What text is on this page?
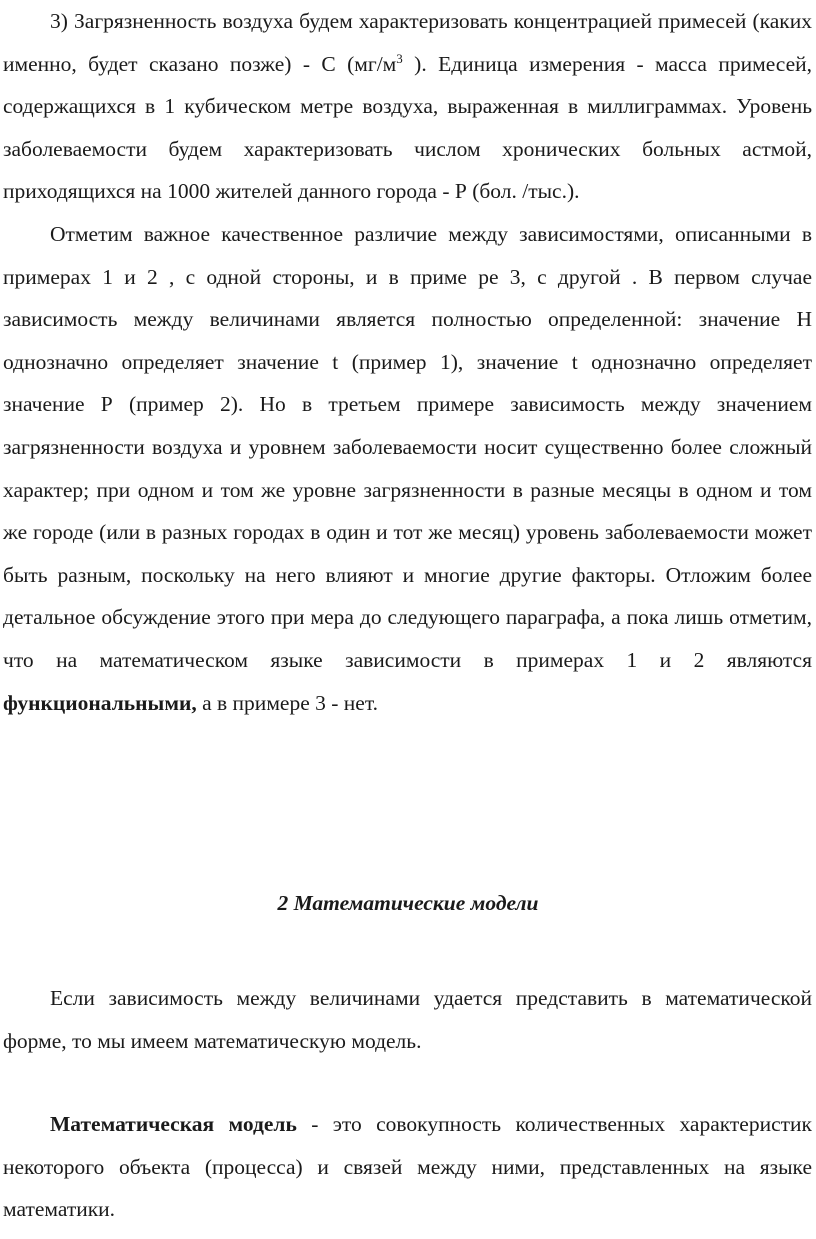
3) Загрязненность воздуха будем характеризовать концентрацией примесей (каких именно, будет сказано позже) - С ($мг/м^3$ ). Единица измерения - масса примесей, содержащихся в 1 кубическом метре воздуха, выраженная в миллиграммах. Уровень заболеваемости будем характеризовать числом хронических больных астмой, приходящихся на 1000 жителей данного города - Р (бол. /тыс.).

Отметим важное качественное различие между зависимостями, описанными в примерах 1 и 2 , с одной стороны, и в приме ре 3, с другой . В первом случае зависимость между величинами является полностью определенной: значение H однозначно определяет значение t (пример 1), значение t однозначно определяет значение Р (пример 2). Но в третьем примере зависимость между значением загрязненности воздуха и уровнем заболеваемости носит существенно более сложный характер; при одном и том же уровне загрязненности в разные месяцы в одном и том же городе (или в разных городах в один и тот же месяц) уровень заболеваемости может быть разным, поскольку на него влияют и многие другие факторы. Отложим более детальное обсуждение этого при мера до следующего параграфа, а пока лишь отметим, что на математическом языке зависимости в примерах 1 и 2 являются функциональными, а в примере 3 - нет.

2 Математические модели

Если зависимость между величинами удается представить в математической форме, то мы имеем математическую модель.

Математическая модель - это совокупность количественных характеристик некоторого объекта (процесса) и связей между ними, представленных на языке математики.
